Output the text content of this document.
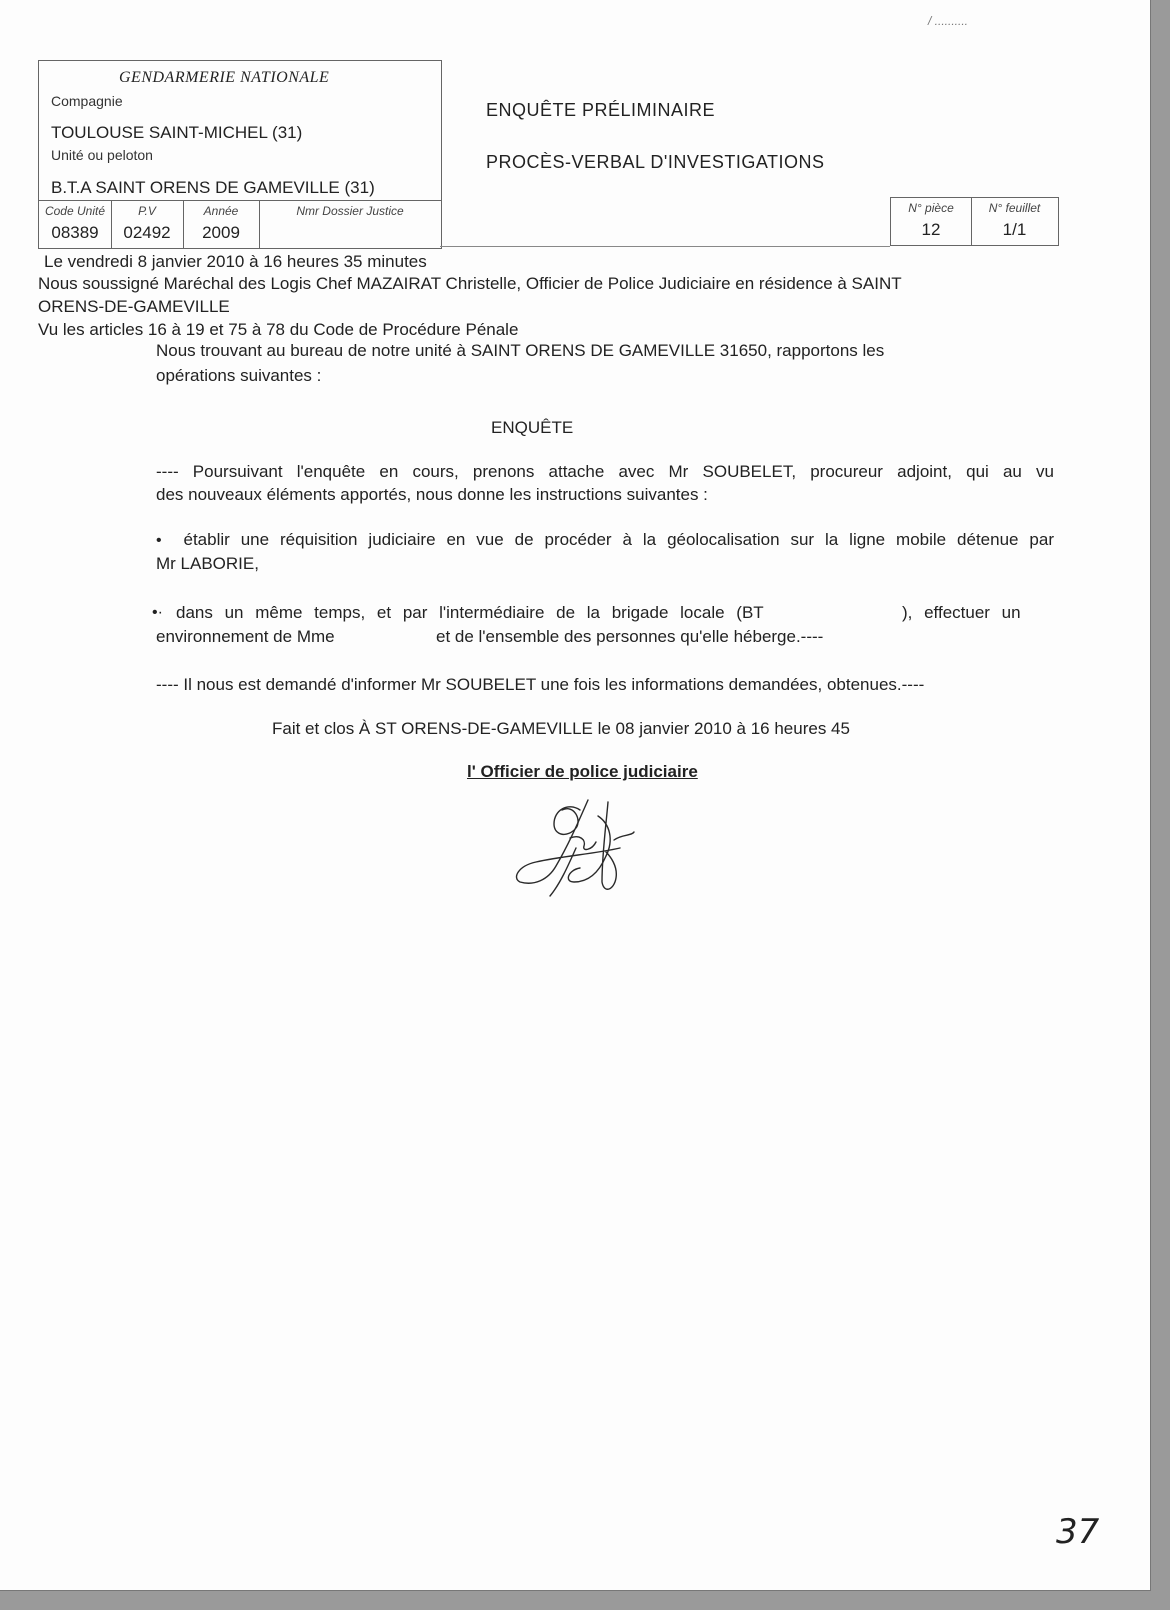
/ ..........
GENDARMERIE NATIONALE
Compagnie
TOULOUSE SAINT-MICHEL (31)
Unité ou peloton
B.T.A SAINT ORENS DE GAMEVILLE (31)
Code Unité
08389
P.V
02492
Année
2009
Nmr Dossier Justice
ENQUÊTE PRÉLIMINAIRE
PROCÈS-VERBAL D'INVESTIGATIONS
N° pièce
12
N° feuillet
1/1
Le vendredi 8 janvier 2010 à 16 heures 35 minutes
Nous soussigné Maréchal des Logis Chef MAZAIRAT Christelle, Officier de Police Judiciaire en résidence à SAINT
ORENS-DE-GAMEVILLE
Vu les articles 16 à 19 et 75 à 78 du Code de Procédure Pénale
Nous trouvant au bureau de notre unité à SAINT ORENS DE GAMEVILLE 31650, rapportons les
opérations suivantes :
ENQUÊTE
---- Poursuivant l'enquête en cours, prenons attache avec Mr SOUBELET, procureur adjoint, qui au vu
des nouveaux éléments apportés, nous donne les instructions suivantes :
• établir une réquisition judiciaire en vue de procéder à la géolocalisation sur la ligne mobile détenue par
Mr LABORIE,
•· dans un même temps, et par l'intermédiaire de la brigade locale (BT	), effectuer un
environnement de Mme	et de l'ensemble des personnes qu'elle héberge.----
---- Il nous est demandé d'informer Mr SOUBELET une fois les informations demandées, obtenues.----
Fait et clos À ST ORENS-DE-GAMEVILLE le 08 janvier 2010 à 16 heures 45
l' Officier de police judiciaire
37
